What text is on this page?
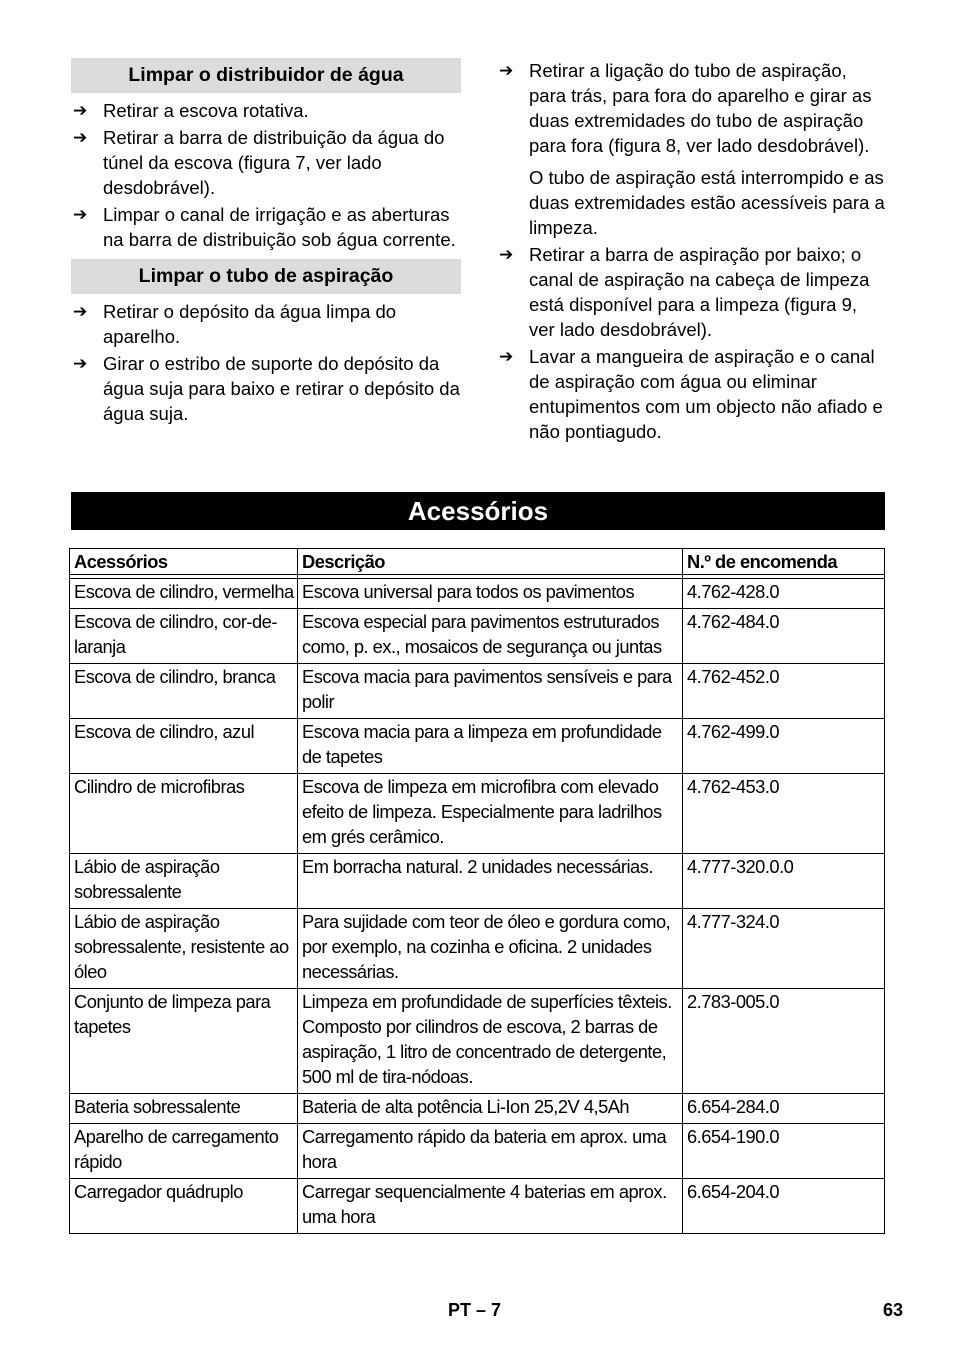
Limpar o distribuidor de água
➔ Retirar a escova rotativa.
➔ Retirar a barra de distribuição da água do túnel da escova (figura 7, ver lado desdobrável).
➔ Limpar o canal de irrigação e as aberturas na barra de distribuição sob água corrente.
Limpar o tubo de aspiração
➔ Retirar o depósito da água limpa do aparelho.
➔ Girar o estribo de suporte do depósito da água suja para baixo e retirar o depósito da água suja.
➔ Retirar a ligação do tubo de aspiração, para trás, para fora do aparelho e girar as duas extremidades do tubo de aspiração para fora (figura 8, ver lado desdobrável).
O tubo de aspiração está interrompido e as duas extremidades estão acessíveis para a limpeza.
➔ Retirar a barra de aspiração por baixo; o canal de aspiração na cabeça de limpeza está disponível para a limpeza (figura 9, ver lado desdobrável).
➔ Lavar a mangueira de aspiração e o canal de aspiração com água ou eliminar entupimentos com um objecto não afiado e não pontiagudo.
Acessórios
Acessórios	Descrição	N.º de encomenda

Escova de cilindro, vermelha	Escova universal para todos os pavimentos	4.762-428.0
Escova de cilindro, cor-de-laranja	Escova especial para pavimentos estruturados como, p. ex., mosaicos de segurança ou juntas	4.762-484.0
Escova de cilindro, branca	Escova macia para pavimentos sensíveis e para polir	4.762-452.0
Escova de cilindro, azul	Escova macia para a limpeza em profundidade de tapetes	4.762-499.0
Cilindro de microfibras	Escova de limpeza em microfibra com elevado efeito de limpeza. Especialmente para ladrilhos em grés cerâmico.	4.762-453.0
Lábio de aspiração sobressalente	Em borracha natural. 2 unidades necessárias.	4.777-320.0.0
Lábio de aspiração sobressalente, resistente ao óleo	Para sujidade com teor de óleo e gordura como, por exemplo, na cozinha e oficina. 2 unidades necessárias.	4.777-324.0
Conjunto de limpeza para tapetes	Limpeza em profundidade de superfícies têxteis. Composto por cilindros de escova, 2 barras de aspiração, 1 litro de concentrado de detergente, 500 ml de tira-nódoas.	2.783-005.0
Bateria sobressalente	Bateria de alta potência Li-Ion 25,2V 4,5Ah	6.654-284.0
Aparelho de carregamento rápido	Carregamento rápido da bateria em aprox. uma hora	6.654-190.0
Carregador quádruplo	Carregar sequencialmente 4 baterias em aprox. uma hora	6.654-204.0
PT – 7	63
